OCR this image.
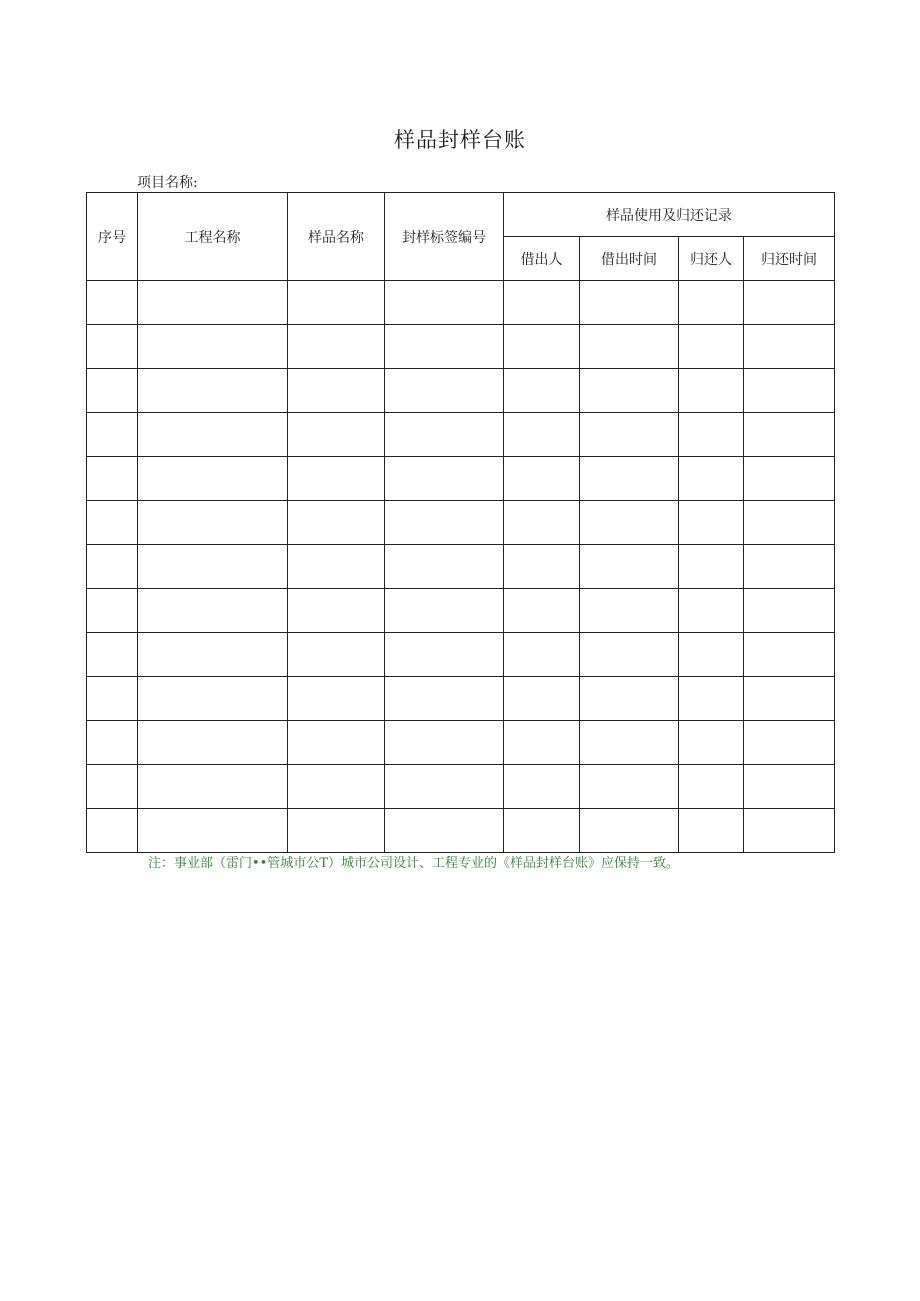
样品封样台账
项目名称:
序号	工程名称	样品名称	封样标签编号	样品使用及归还记录			
				借出人	借出时间	归还人	归还时间

注：事业部（雷门••管城市公T）城市公司设计、工程专业的《样品封样台账》应保持一致。
